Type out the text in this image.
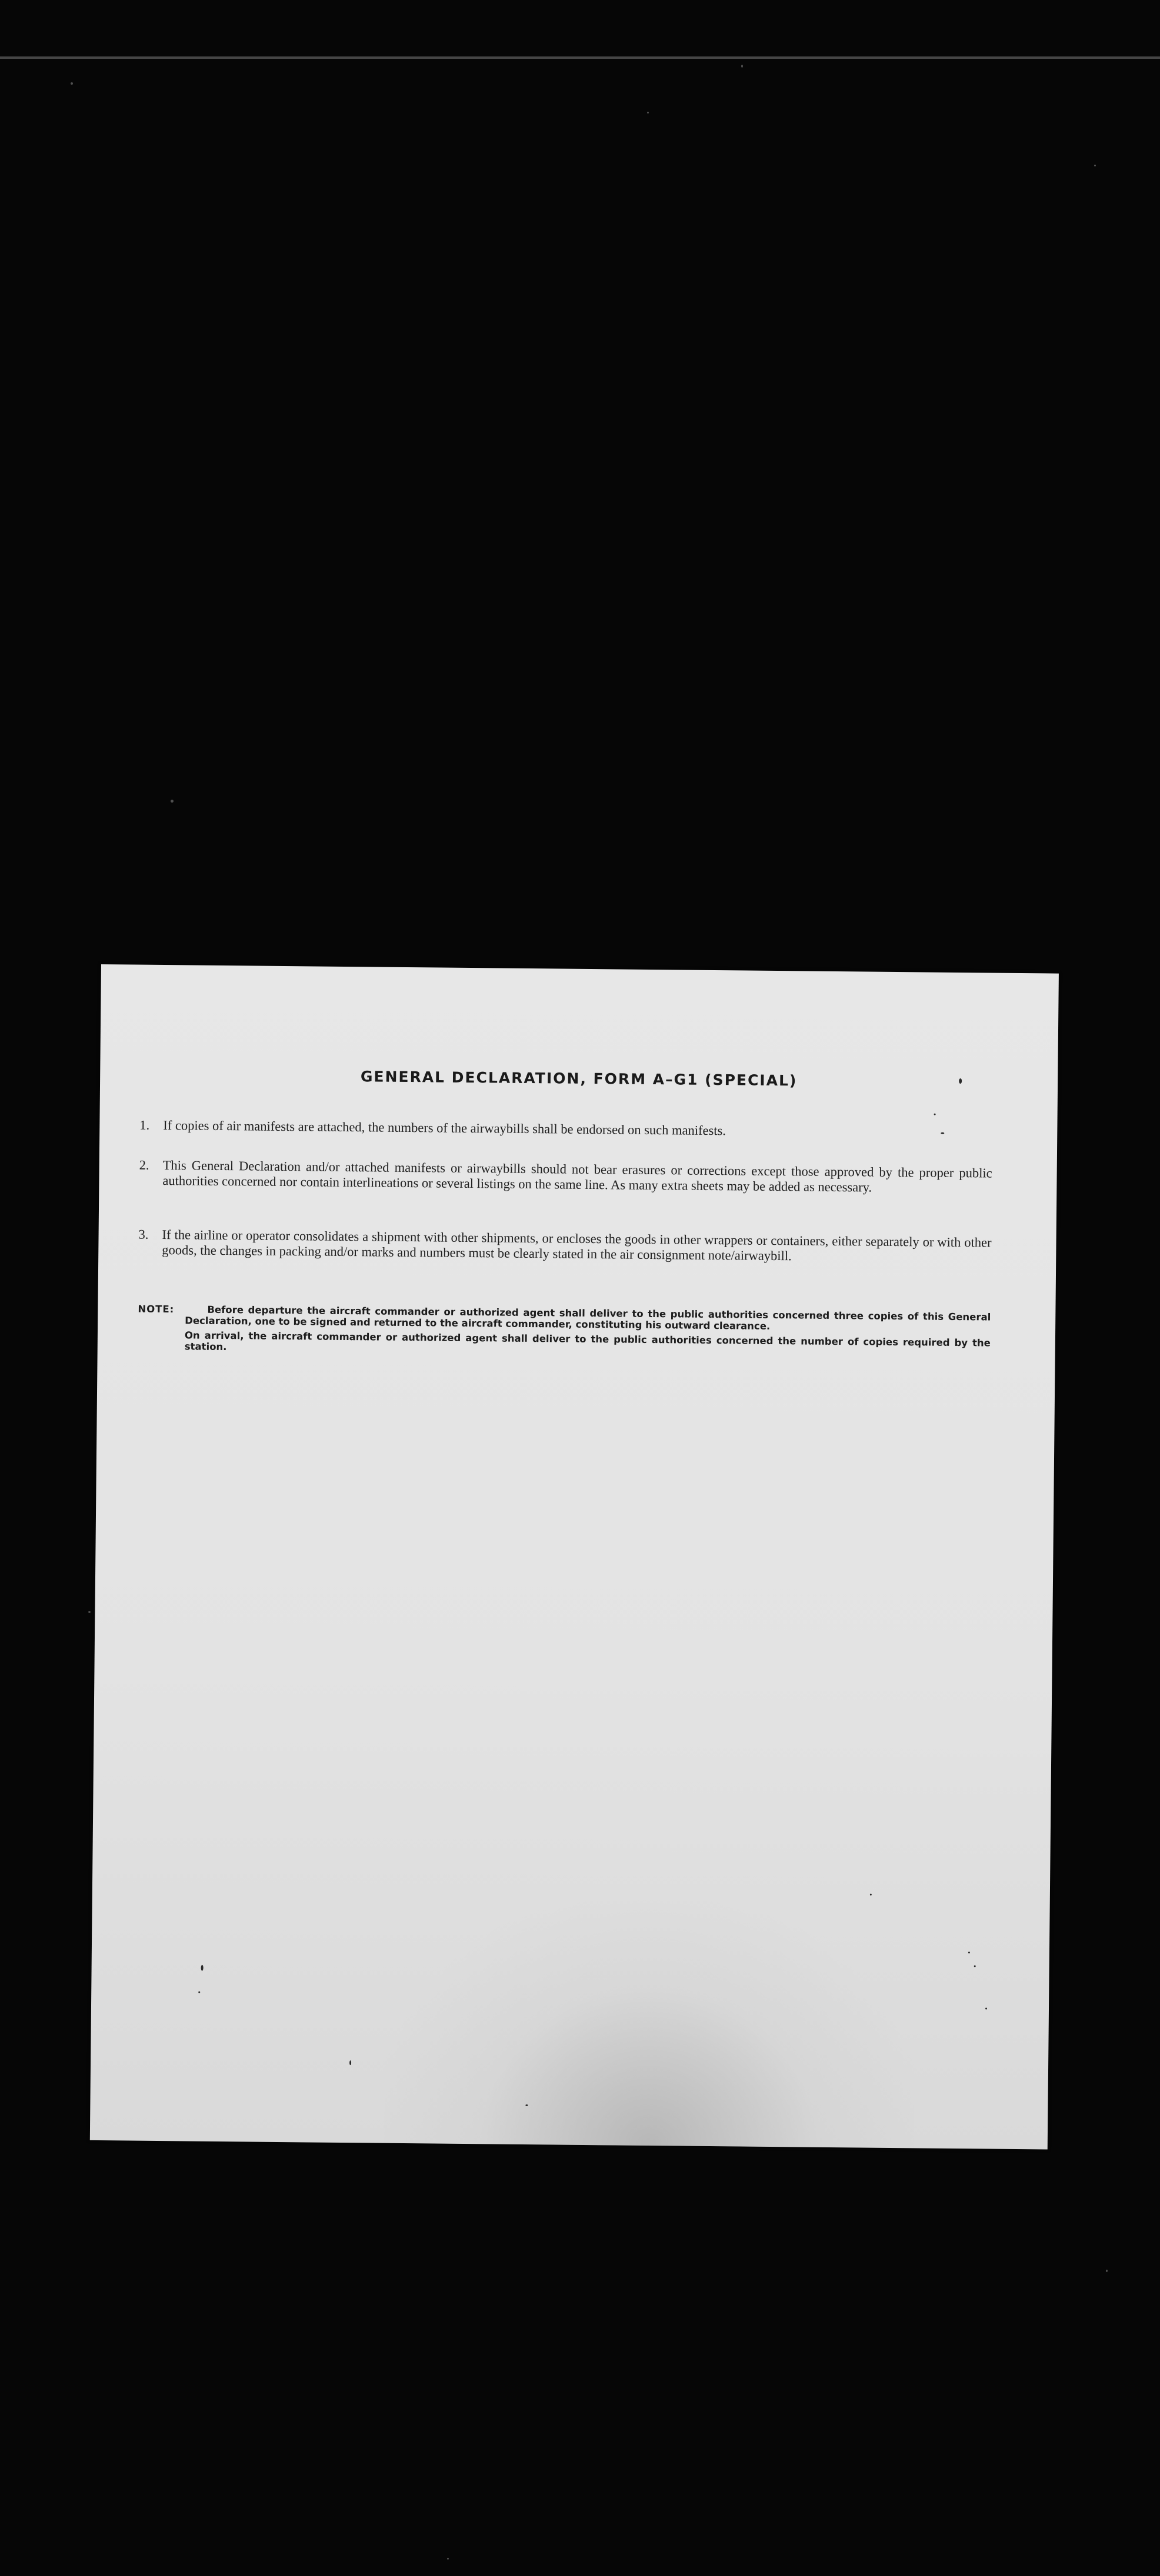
GENERAL DECLARATION, FORM A–G1 (SPECIAL)
1. If copies of air manifests are attached, the numbers of the airwaybills shall be endorsed on such manifests.
2. This General Declaration and/or attached manifests or airwaybills should not bear erasures or corrections except those approved by the proper public authorities concerned nor contain interlineations or several listings on the same line. As many extra sheets may be added as necessary.
3. If the airline or operator consolidates a shipment with other shipments, or encloses the goods in other wrappers or containers, either separately or with other goods, the changes in packing and/or marks and numbers must be clearly stated in the air consignment note/airwaybill.
NOTE:	Before departure the aircraft commander or authorized agent shall deliver to the public authorities concerned three copies of this General Declaration, one to be signed and returned to the aircraft commander, constituting his outward clearance.
On arrival, the aircraft commander or authorized agent shall deliver to the public authorities concerned the number of copies required by the station.
